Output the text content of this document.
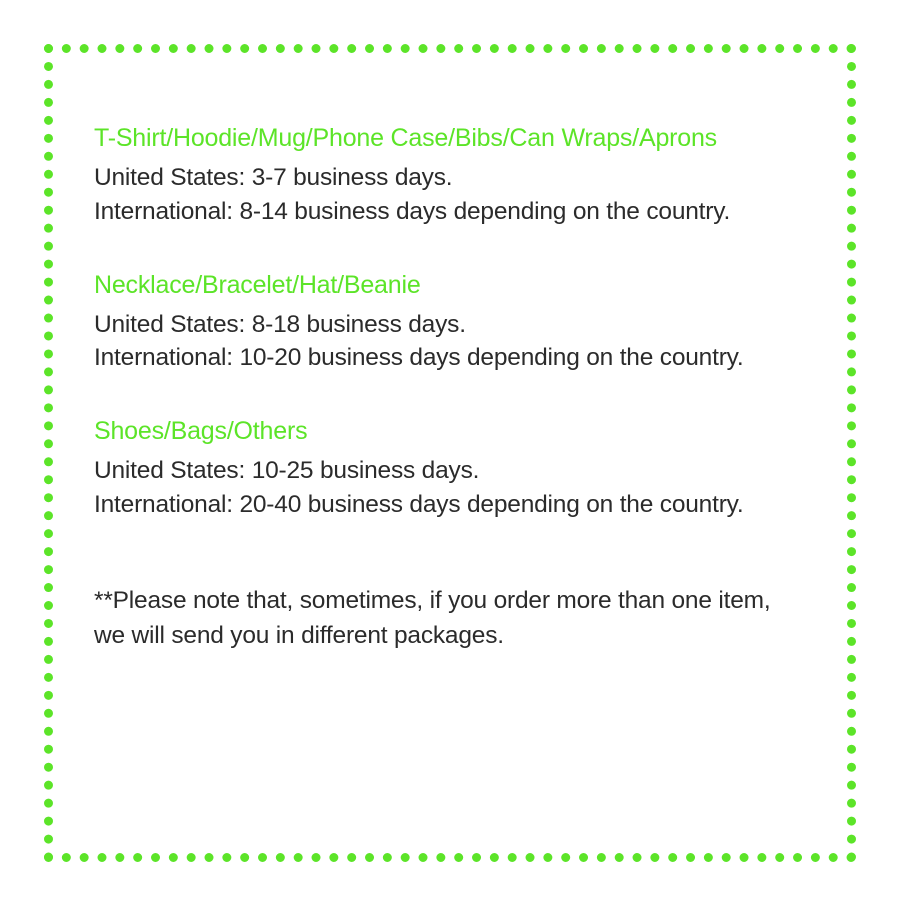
T-Shirt/Hoodie/Mug/Phone Case/Bibs/Can Wraps/Aprons

United States: 3-7 business days.

International: 8-14 business days depending on the country.

Necklace/Bracelet/Hat/Beanie

United States: 8-18 business days.

International: 10-20 business days depending on the country.

Shoes/Bags/Others

United States: 10-25 business days.

International: 20-40 business days depending on the country.

**Please note that, sometimes, if you order more than one item, we will send you in different packages.
